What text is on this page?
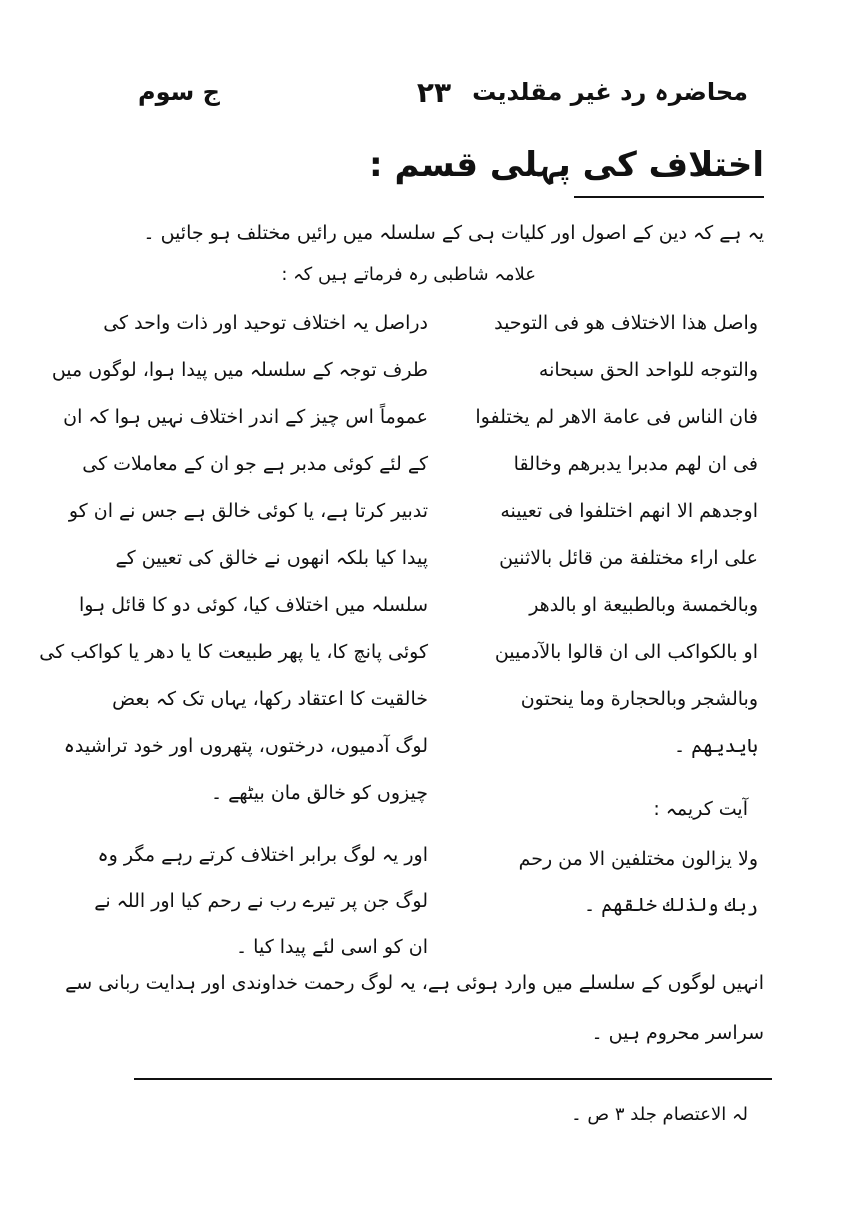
محاضرہ رد غیر مقلدیت
۲۳
ج سوم
اختلاف کی پہلی قسم :
یہ ہے کہ دین کے اصول اور کلیات ہی کے سلسلہ میں رائیں مختلف ہو جائیں ۔
علامہ شاطبی رہ فرماتے ہیں کہ :
واصل هذا الاختلاف هو فى التوحيد
والتوجه للواحد الحق سبحانه
فان الناس فى عامة الاهر لم يختلفوا
فى ان لهم مدبرا يدبرهم وخالقا
اوجدهم الا انهم اختلفوا فى تعيينه
على اراء مختلفة من قائل بالاثنين
وبالخمسة وبالطبيعة او بالدهر
او بالكواكب الى ان قالوا بالآدميين
وبالشجر وبالحجارة وما ينحتون
بايديهم ۔
دراصل یہ اختلاف توحید اور ذات واحد کی
طرف توجہ کے سلسلہ میں پیدا ہوا، لوگوں میں
عموماً اس چیز کے اندر اختلاف نہیں ہوا کہ ان
کے لئے کوئی مدبر ہے جو ان کے معاملات کی
تدبیر کرتا ہے، یا کوئی خالق ہے جس نے ان کو
پیدا کیا بلکہ انھوں نے خالق کی تعیین کے
سلسلہ میں اختلاف کیا، کوئی دو کا قائل ہوا
کوئی پانچ کا، یا پھر طبیعت کا یا دھر یا کواکب کی
خالقیت کا اعتقاد رکھا، یہاں تک کہ بعض
لوگ آدمیوں، درختوں، پتھروں اور خود تراشیدہ
چیزوں کو خالق مان بیٹھے ۔
آیت کریمہ :
ولا يزالون مختلفين الا من رحم
ربك ولذلك خلقهم ۔
اور یہ لوگ برابر اختلاف کرتے رہے مگر وہ
لوگ جن پر تیرے رب نے رحم کیا اور اللہ نے
ان کو اسی لئے پیدا کیا ۔
انہیں لوگوں کے سلسلے میں وارد ہوئی ہے، یہ لوگ رحمت خداوندی اور ہدایت ربانی سے
سراسر محروم ہیں ۔
لہ الاعتصام جلد ۳ ص ۔
